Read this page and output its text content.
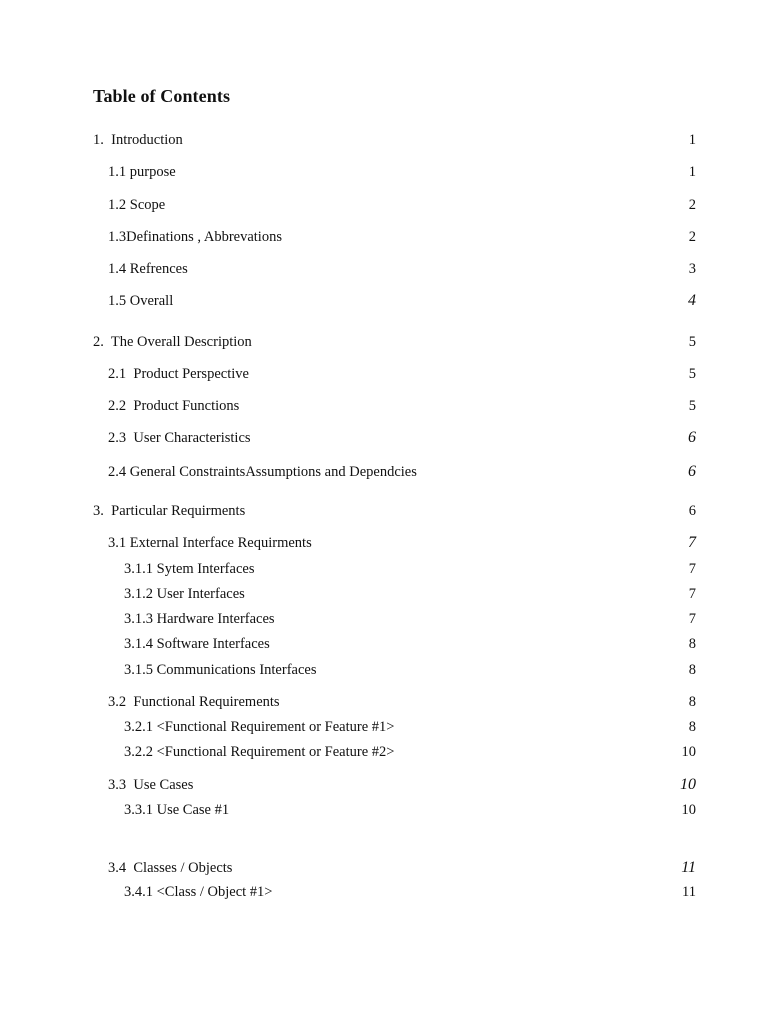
Table of Contents
1.  Introduction	1
1.1 purpose	1
1.2 Scope	2
1.3Definations , Abbrevations	2
1.4 Refrences	3
1.5 Overall	4
2.  The Overall Description	5
2.1  Product Perspective	5
2.2  Product Functions	5
2.3  User Characteristics	6
2.4 General ConstraintsAssumptions and Dependcies	6
3.  Particular Requirments	6
3.1 External Interface Requirments	7
3.1.1 Sytem Interfaces	7
3.1.2 User Interfaces	7
3.1.3 Hardware Interfaces	7
3.1.4 Software Interfaces	8
3.1.5 Communications Interfaces	8
3.2  Functional Requirements	8
3.2.1 <Functional Requirement or Feature #1>	8
3.2.2 <Functional Requirement or Feature #2>	10
3.3  Use Cases	10
3.3.1 Use Case #1	10
3.4  Classes / Objects	11
3.4.1 <Class / Object #1>	11
